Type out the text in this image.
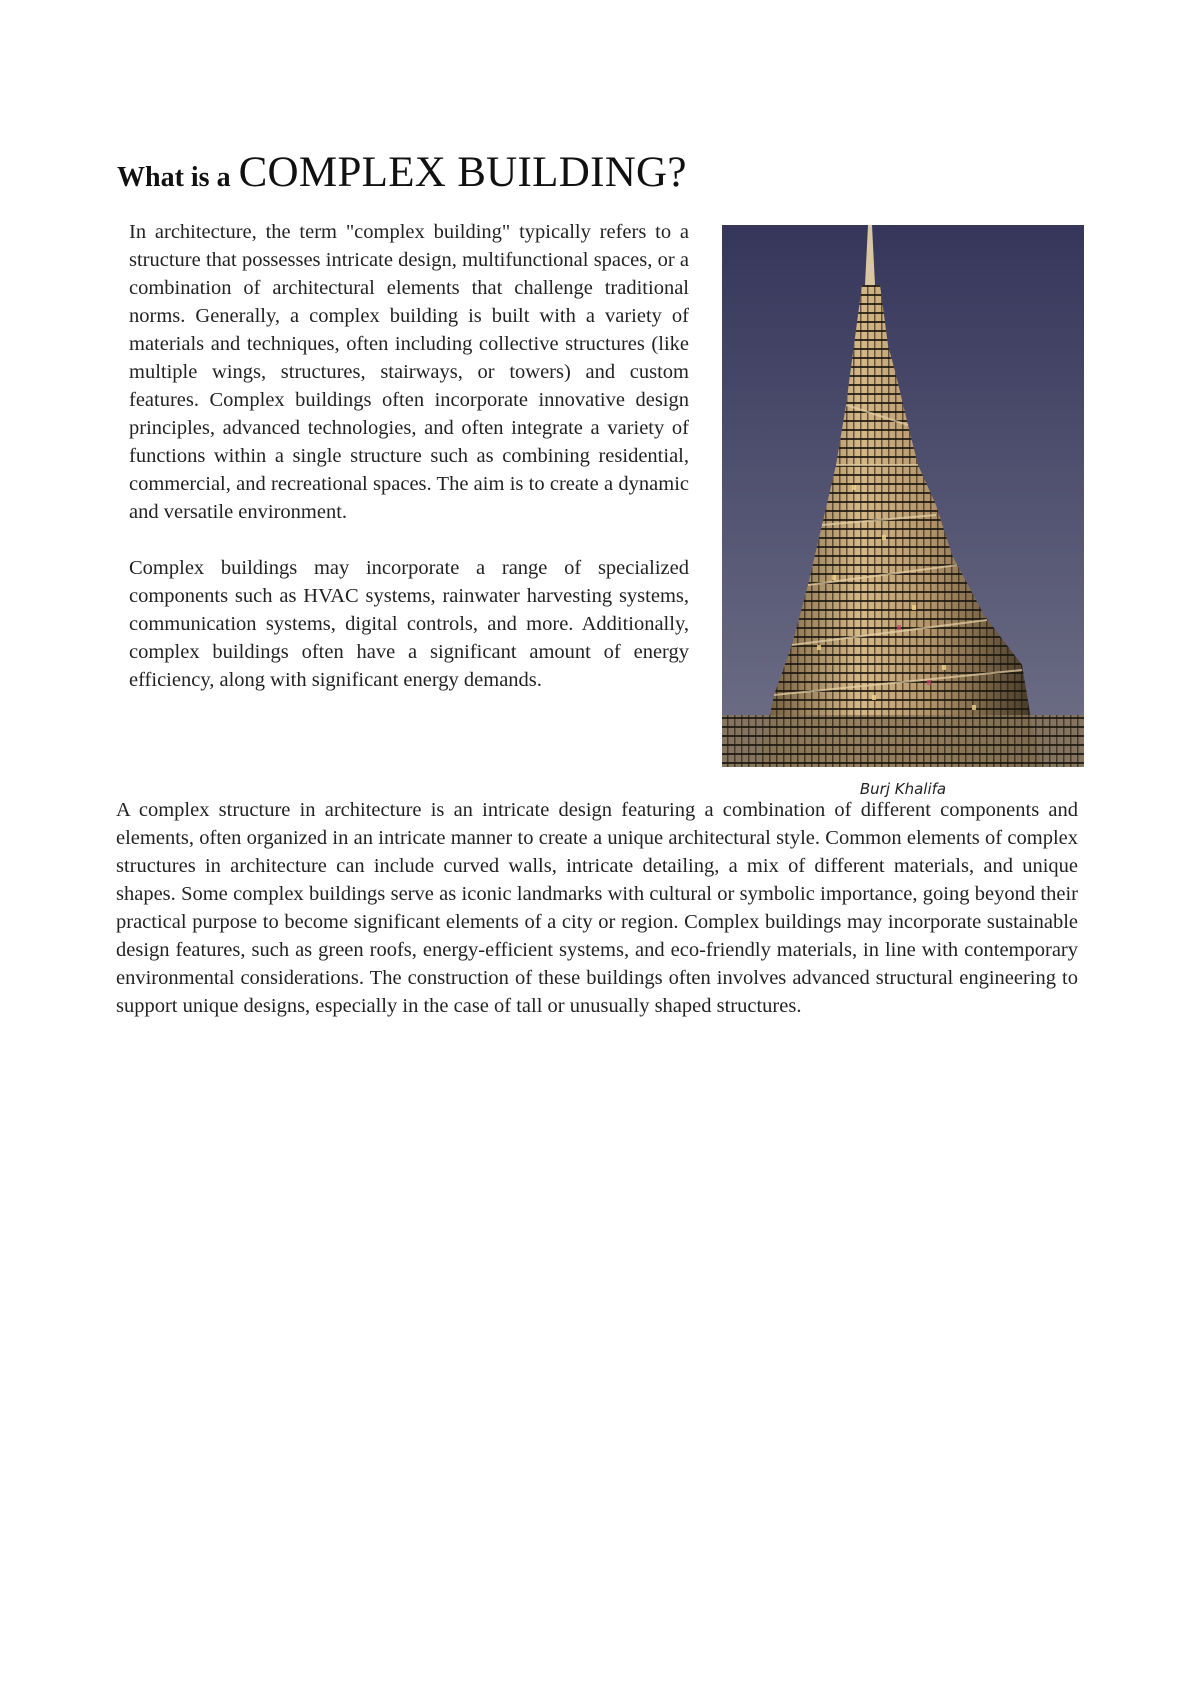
What is a COMPLEX BUILDING?

In architecture, the term "complex building" typically refers to a structure that possesses intricate design, multifunctional spaces, or a combination of architectural elements that challenge traditional norms. Generally, a complex building is built with a variety of materials and techniques, often including collective structures (like multiple wings, structures, stairways, or towers) and custom features. Complex buildings often incorporate innovative design principles, advanced technologies, and often integrate a variety of functions within a single structure such as combining residential, commercial, and recreational spaces. The aim is to create a dynamic and versatile environment.

Complex buildings may incorporate a range of specialized components such as HVAC systems, rainwater harvesting systems, communication systems, digital controls, and more. Additionally, complex buildings often have a significant amount of energy efficiency, along with significant energy demands.

Burj Khalifa

A complex structure in architecture is an intricate design featuring a combination of different components and elements, often organized in an intricate manner to create a unique architectural style. Common elements of complex structures in architecture can include curved walls, intricate detailing, a mix of different materials, and unique shapes. Some complex buildings serve as iconic landmarks with cultural or symbolic importance, going beyond their practical purpose to become significant elements of a city or region. Complex buildings may incorporate sustainable design features, such as green roofs, energy-efficient systems, and eco-friendly materials, in line with contemporary environmental considerations. The construction of these buildings often involves advanced structural engineering to support unique designs, especially in the case of tall or unusually shaped structures.
